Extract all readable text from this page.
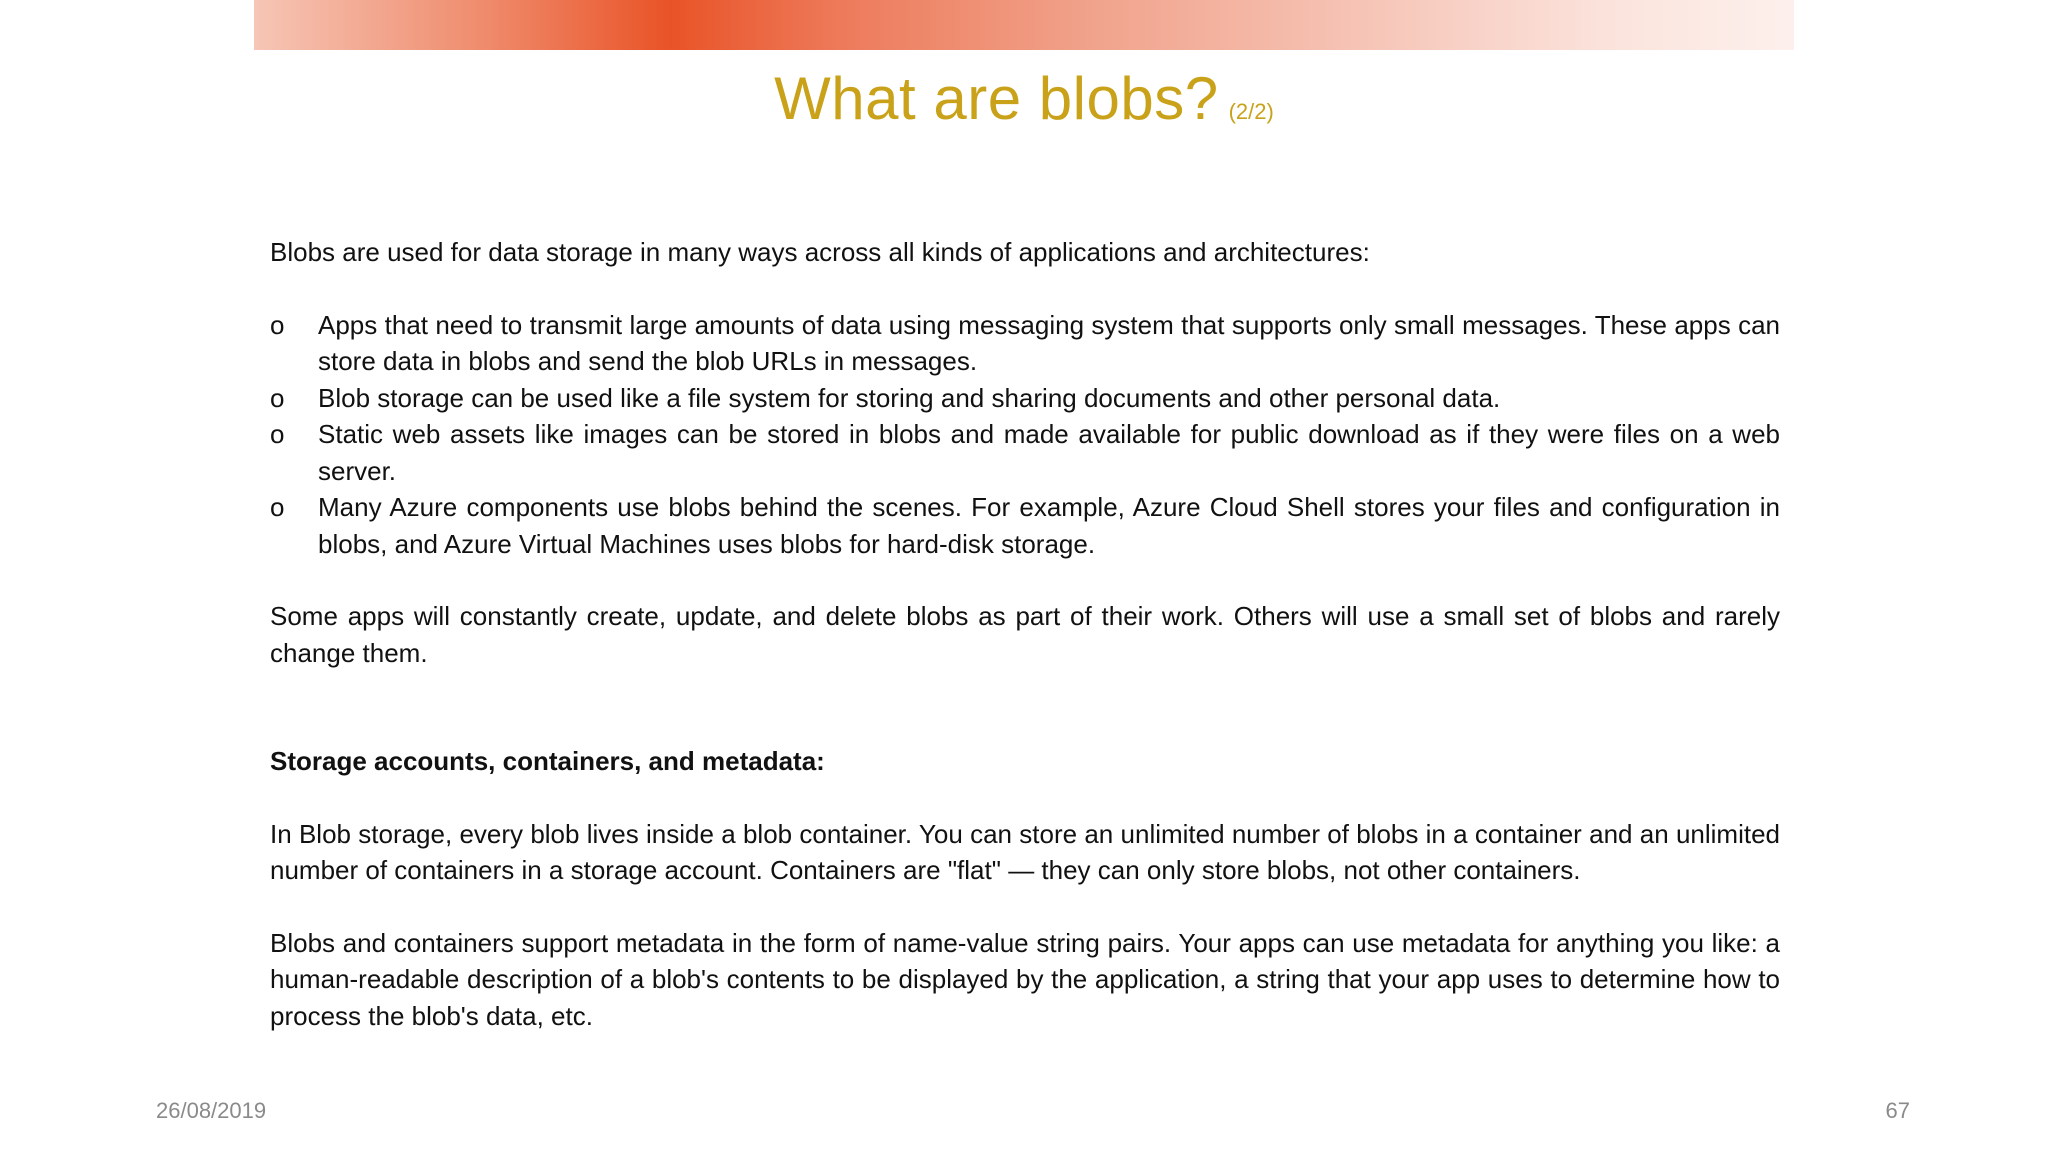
What are blobs? (2/2)

Blobs are used for data storage in many ways across all kinds of applications and architectures:

o Apps that need to transmit large amounts of data using messaging system that supports only small messages. These apps can store data in blobs and send the blob URLs in messages.
o Blob storage can be used like a file system for storing and sharing documents and other personal data.
o Static web assets like images can be stored in blobs and made available for public download as if they were files on a web server.
o Many Azure components use blobs behind the scenes. For example, Azure Cloud Shell stores your files and configuration in blobs, and Azure Virtual Machines uses blobs for hard-disk storage.

Some apps will constantly create, update, and delete blobs as part of their work. Others will use a small set of blobs and rarely change them.

Storage accounts, containers, and metadata:

In Blob storage, every blob lives inside a blob container. You can store an unlimited number of blobs in a container and an unlimited number of containers in a storage account. Containers are "flat" — they can only store blobs, not other containers.

Blobs and containers support metadata in the form of name-value string pairs. Your apps can use metadata for anything you like: a human-readable description of a blob's contents to be displayed by the application, a string that your app uses to determine how to process the blob's data, etc.

26/08/2019	67
